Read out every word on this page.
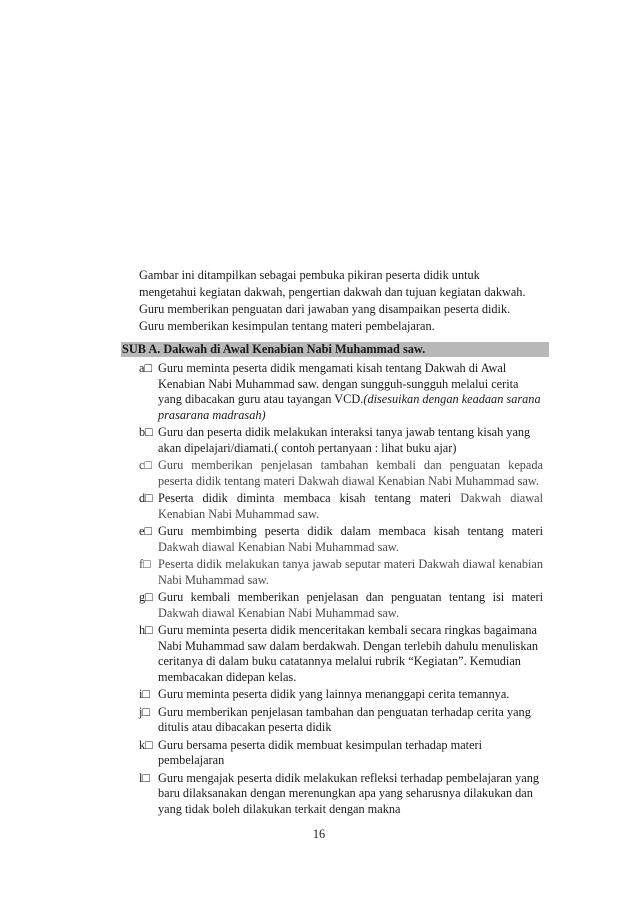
Gambar ini ditampilkan sebagai pembuka pikiran peserta didik untuk

mengetahui kegiatan dakwah, pengertian dakwah dan tujuan kegiatan dakwah.

Guru memberikan penguatan dari jawaban yang disampaikan peserta didik.

Guru memberikan kesimpulan tentang materi pembelajaran.

SUB A. Dakwah di Awal Kenabian Nabi Muhammad saw.
a□ Guru meminta peserta didik mengamati kisah tentang Dakwah di Awal Kenabian Nabi Muhammad saw. dengan sungguh-sungguh melalui cerita yang dibacakan guru atau tayangan VCD.(disesuikan dengan keadaan sarana prasarana madrasah)
b□ Guru dan peserta didik melakukan interaksi tanya jawab tentang kisah yang akan dipelajari/diamati.( contoh pertanyaan : lihat buku ajar)
c□ Guru memberikan penjelasan tambahan kembali dan penguatan kepada peserta didik tentang materi Dakwah diawal Kenabian Nabi Muhammad saw.
d□ Peserta didik diminta membaca kisah tentang materi Dakwah diawal Kenabian Nabi Muhammad saw.
e□ Guru membimbing peserta didik dalam membaca kisah tentang materi Dakwah diawal Kenabian Nabi Muhammad saw.
f□ Peserta didik melakukan tanya jawab seputar materi Dakwah diawal kenabian Nabi Muhammad saw.
g□ Guru kembali memberikan penjelasan dan penguatan tentang isi materi Dakwah diawal Kenabian Nabi Muhammad saw.
h□ Guru meminta peserta didik menceritakan kembali secara ringkas bagaimana Nabi Muhammad saw dalam berdakwah. Dengan terlebih dahulu menuliskan ceritanya di dalam buku catatannya melalui rubrik “Kegiatan”. Kemudian membacakan didepan kelas.
i□ Guru meminta peserta didik yang lainnya menanggapi cerita temannya.
j□ Guru memberikan penjelasan tambahan dan penguatan terhadap cerita yang ditulis atau dibacakan peserta didik
k□ Guru bersama peserta didik membuat kesimpulan terhadap materi pembelajaran
l□ Guru mengajak peserta didik melakukan refleksi terhadap pembelajaran yang baru dilaksanakan dengan merenungkan apa yang seharusnya dilakukan dan yang tidak boleh dilakukan terkait dengan makna
16
